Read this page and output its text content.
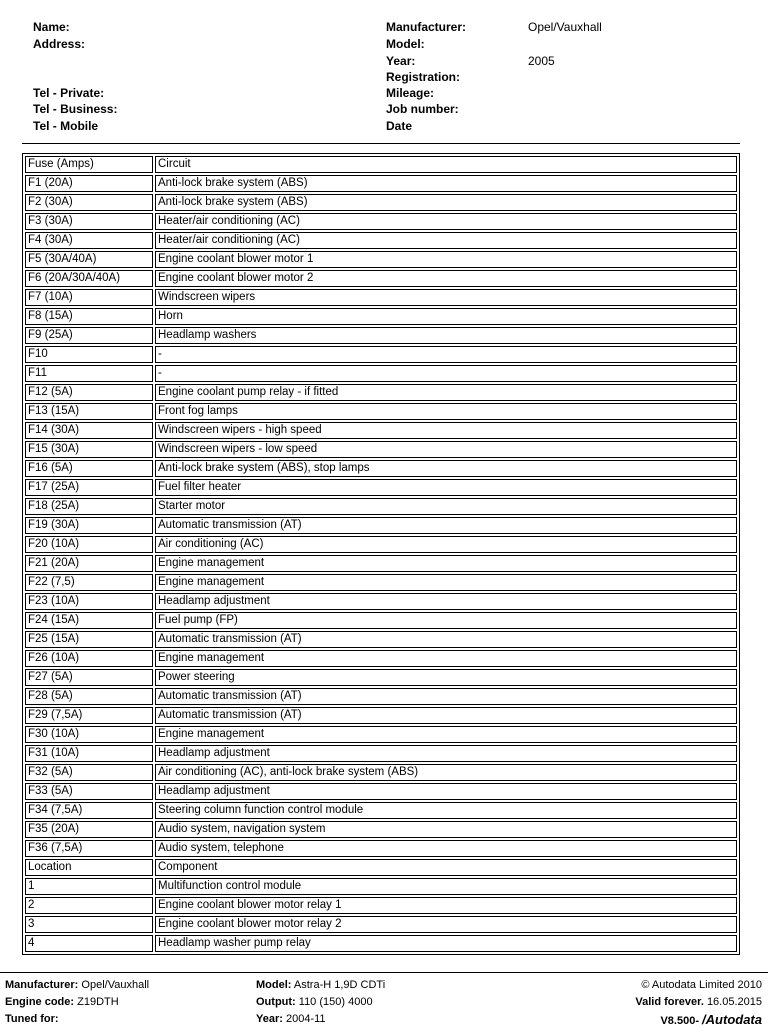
Name:
Address:
Tel - Private:
Tel - Business:
Tel - Mobile
Manufacturer:	Opel/Vauxhall
Model:
Year:	2005
Registration:
Mileage:
Job number:
Date
Fuse (Amps)	Circuit
F1 (20A)	Anti-lock brake system (ABS)
F2 (30A)	Anti-lock brake system (ABS)
F3 (30A)	Heater/air conditioning (AC)
F4 (30A)	Heater/air conditioning (AC)
F5 (30A/40A)	Engine coolant blower motor 1
F6 (20A/30A/40A)	Engine coolant blower motor 2
F7 (10A)	Windscreen wipers
F8 (15A)	Horn
F9 (25A)	Headlamp washers
F10	-
F11	-
F12 (5A)	Engine coolant pump relay - if fitted
F13 (15A)	Front fog lamps
F14 (30A)	Windscreen wipers - high speed
F15 (30A)	Windscreen wipers - low speed
F16 (5A)	Anti-lock brake system (ABS), stop lamps
F17 (25A)	Fuel filter heater
F18 (25A)	Starter motor
F19 (30A)	Automatic transmission (AT)
F20 (10A)	Air conditioning (AC)
F21 (20A)	Engine management
F22 (7,5)	Engine management
F23 (10A)	Headlamp adjustment
F24 (15A)	Fuel pump (FP)
F25 (15A)	Automatic transmission (AT)
F26 (10A)	Engine management
F27 (5A)	Power steering
F28 (5A)	Automatic transmission (AT)
F29 (7,5A)	Automatic transmission (AT)
F30 (10A)	Engine management
F31 (10A)	Headlamp adjustment
F32 (5A)	Air conditioning (AC), anti-lock brake system (ABS)
F33 (5A)	Headlamp adjustment
F34 (7,5A)	Steering column function control module
F35 (20A)	Audio system, navigation system
F36 (7,5A)	Audio system, telephone
Location	Component
1	Multifunction control module
2	Engine coolant blower motor relay 1
3	Engine coolant blower motor relay 2
4	Headlamp washer pump relay
Manufacturer: Opel/Vauxhall
Engine code: Z19DTH
Tuned for:
Model: Astra-H 1,9D CDTi
Output: 110 (150) 4000
Year: 2004-11
© Autodata Limited 2010
Valid forever. 16.05.2015
V8.500- /Autodata
